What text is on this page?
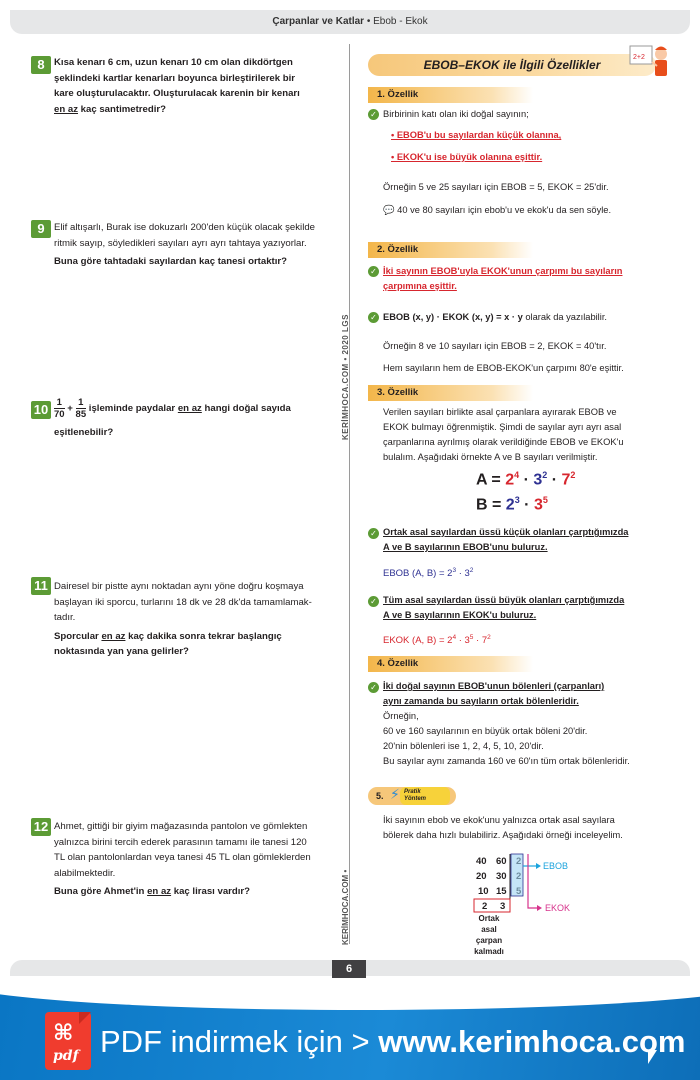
Çarpanlar ve Katlar • Ebob - Ekok
KERİMHOCA.COM • 2020 LGS
KERİMHOCA.COM •
8 Kısa kenarı 6 cm, uzun kenarı 10 cm olan dikdörtgen

şeklindeki kartlar kenarları boyunca birleştirilerek bir

kare oluşturulacaktır. Oluşturulacak karenin bir kenarı

en az kaç santimetredir?

9 Elif altışarlı, Burak ise dokuzarlı 200'den küçük olacak şekilde

ritmik sayıp, söyledikleri sayıları ayrı ayrı tahtaya yazıyorlar.

Buna göre tahtadaki sayılardan kaç tanesi ortaktır?

$10 \frac{1}{70} + \frac{1}{85}$ işleminde paydalar en az hangi doğal sayıda

eşitlenebilir?

11 Dairesel bir pistte aynı noktadan aynı yöne doğru koşmaya

başlayan iki sporcu, turlarını 18 dk ve 28 dk'da tamamlamak-

tadır.

Sporcular en az kaç dakika sonra tekrar başlangıç

noktasında yan yana gelirler?

12 Ahmet, gittiği bir giyim mağazasında pantolon ve gömlekten

yalnızca birini tercih ederek parasının tamamı ile tanesi 120

TL olan pantolonlardan veya tanesi 45 TL olan gömleklerden

alabilmektedir.

Buna göre Ahmet'in en az kaç lirası vardır?

EBOB–EKOK ile İlgili Özellikler
2+2
1. Özellik
✓ Birbirinin katı olan iki doğal sayının;
• EBOB'u bu sayılardan küçük olanına,
• EKOK'u ise büyük olanına eşittir.
Örneğin 5 ve 25 sayıları için EBOB = 5, EKOK = 25'dir.
💬 40 ve 80 sayıları için ebob'u ve ekok'u da sen söyle.
2. Özellik
✓ İki sayının EBOB'uyla EKOK'unun çarpımı bu sayıların
çarpımına eşittir.
✓ EBOB (x, y) · EKOK (x, y) = x · y olarak da yazılabilir.
Örneğin 8 ve 10 sayıları için EBOB = 2, EKOK = 40'tır.
Hem sayıların hem de EBOB-EKOK'un çarpımı 80'e eşittir.
3. Özellik
Verilen sayıları birlikte asal çarpanlara ayırarak EBOB ve
EKOK bulmayı öğrenmiştik. Şimdi de sayılar ayrı ayrı asal
çarpanlarına ayrılmış olarak verildiğinde EBOB ve EKOK'u
bulalım. Aşağıdaki örnekte A ve B sayıları verilmiştir.
$A = 2^4 \cdot 3^2 \cdot 7^2$
$B = 2^3 \cdot 3^5$
✓ Ortak asal sayılardan üssü küçük olanları çarptığımızda
A ve B sayılarının EBOB'unu buluruz.
EBOB (A, $B) = 2^3 \cdot 3^2$
✓ Tüm asal sayılardan üssü büyük olanları çarptığımızda
A ve B sayılarının EKOK'u buluruz.
EKOK (A, $B) = 2^4 \cdot 3^5 \cdot 7^2$
4. Özellik
✓ İki doğal sayının EBOB'unun bölenleri (çarpanları)
aynı zamanda bu sayıların ortak bölenleridir.
Örneğin,
60 ve 160 sayılarının en büyük ortak böleni 20'dir.
20'nin bölenleri ise 1, 2, 4, 5, 10, 20'dir.
Bu sayılar aynı zamanda 160 ve 60'ın tüm ortak bölenleridir.
5. ⚡ Pratik
Yöntem
İki sayının ebob ve ekok'unu yalnızca ortak asal sayılara
bölerek daha hızlı bulabiliriz. Aşağıdaki örneği inceleyelim.
40 60
20 30
10 15
2 3
EBOB
EKOK
Ortak asal
çarpan
kalmadı
6
⌘
pdf PDF indirmek için > www.kerimhoca.com
